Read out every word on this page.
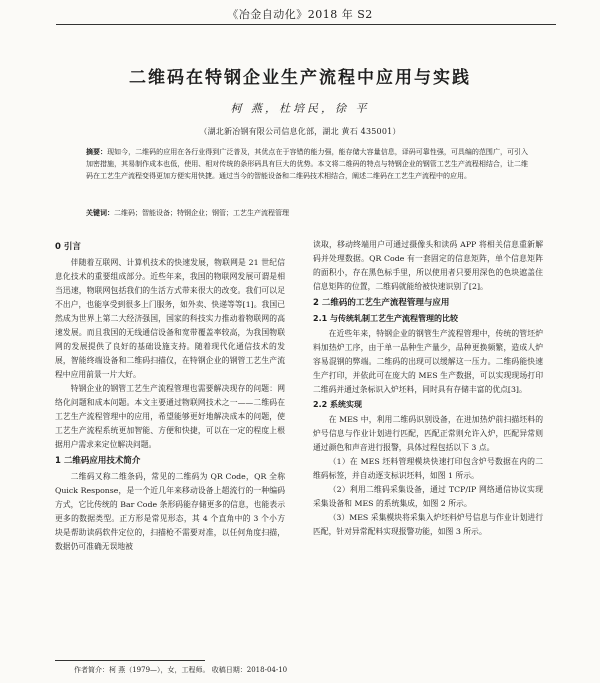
《冶金自动化》2018 年 S2
二维码在特钢企业生产流程中应用与实践
柯 燕，杜培民，徐 平
（湖北新冶钢有限公司信息化部，湖北 黄石 435001）
摘要：现如今，二维码的应用在各行业得到广泛普及，其优点在于容错的能力强，能存储大容量信息，译码可靠性强，可具编的范围广，可引入加密措施，其易制作成本也低，使用、相对传统的条形码具有巨大的优势。本文将二维码的特点与特钢企业的钢管工艺生产流程相结合，让二维码在工艺生产流程变得更加方便实用快捷。通过当今的智能设备和二维码技术相结合，阐述二维码在工艺生产流程中的应用。
关键词：二维码；智能设备；特钢企业；钢管；工艺生产流程管理
0 引言

伴随着互联网、计算机技术的快速发展，物联网是 21 世纪信息化技术的重要组成部分。近些年来，我国的物联网发展可谓是相当迅速，物联网包括我们的生活方式带来很大的改变。我们可以足不出户，也能享受到很多上门服务，如外卖、快递等等[1]。我国已然成为世界上第二大经济强国，国家的科技实力推动着物联网的高速发展。而且我国的无线通信设备和宽带覆盖率较高，为我国物联网的发展提供了良好的基础设施支持。随着现代化通信技术的发展，智能终端设备和二维码扫描仪，在特钢企业的钢管工艺生产流程中应用前景一片大好。

特钢企业的钢管工艺生产流程管理也需要解决现存的问题：网络化问题和成本问题。本文主要通过物联网技术之一——二维码在工艺生产流程管理中的应用，希望能够更好地解决成本的问题，使工艺生产流程系统更加智能、方便和快捷，可以在一定的程度上根据用户需求来定位解决问题。

1 二维码应用技术简介

二维码又称二维条码，常见的二维码为 QR Code，QR 全称 Quick Response，是一个近几年来移动设备上超流行的一种编码方式，它比传统的 Bar Code 条形码能存储更多的信息，也能表示更多的数据类型。正方形是常见形态，其 4 个直角中的 3 个小方块是帮助读码软件定位的，扫描枪不需要对准，以任何角度扫描，数据仍可准确无误地被

读取，移动终端用户可通过摄像头和读码 APP 将相关信息重新解码并处理数据。QR Code 有一套固定的信息矩阵，单个信息矩阵的面积小，存在黑色标手里，所以使用者只要用深色的色块遮盖住信息矩阵的位置，二维码就能给被快速识别了[2]。

2 二维码的工艺生产流程管理与应用
2.1 与传统轧制工艺生产流程管理的比较

在近些年来，特钢企业的钢管生产流程管理中，传统的管坯炉料加热炉工序，由于单一品种生产量少，品种更换频繁，造成人炉容易混钢的弊端。二维码的出现可以缓解这一压力。二维码能快速生产打印，并依此可在庞大的 MES 生产数据，可以实现现场打印二维码并通过条标识入炉坯料，同时具有存储丰富的优点[3]。

2.2 系统实现

在 MES 中，利用二维码识别设备，在进加热炉前扫描坯料的炉号信息与作业计划进行匹配，匹配正常则允许入炉，匹配异常则通过颜色和声音进行报警，具体过程包括以下 3 点。

（1）在 MES 坯料管理模块快速打印包含炉号数据在内的二维码标签，并自动逐支标识坯料，如图 1 所示。

（2）利用二维码采集设备，通过 TCP/IP 网络通信协议实现采集设备和 MES 的系统集成，如图 2 所示。

（3）MES 采集模块将采集入炉坯料炉号信息与作业计划进行匹配，针对异常配料实现报警功能，如图 3 所示。

作者简介：柯 燕（1979—），女，工程师。 收稿日期：2018-04-10
